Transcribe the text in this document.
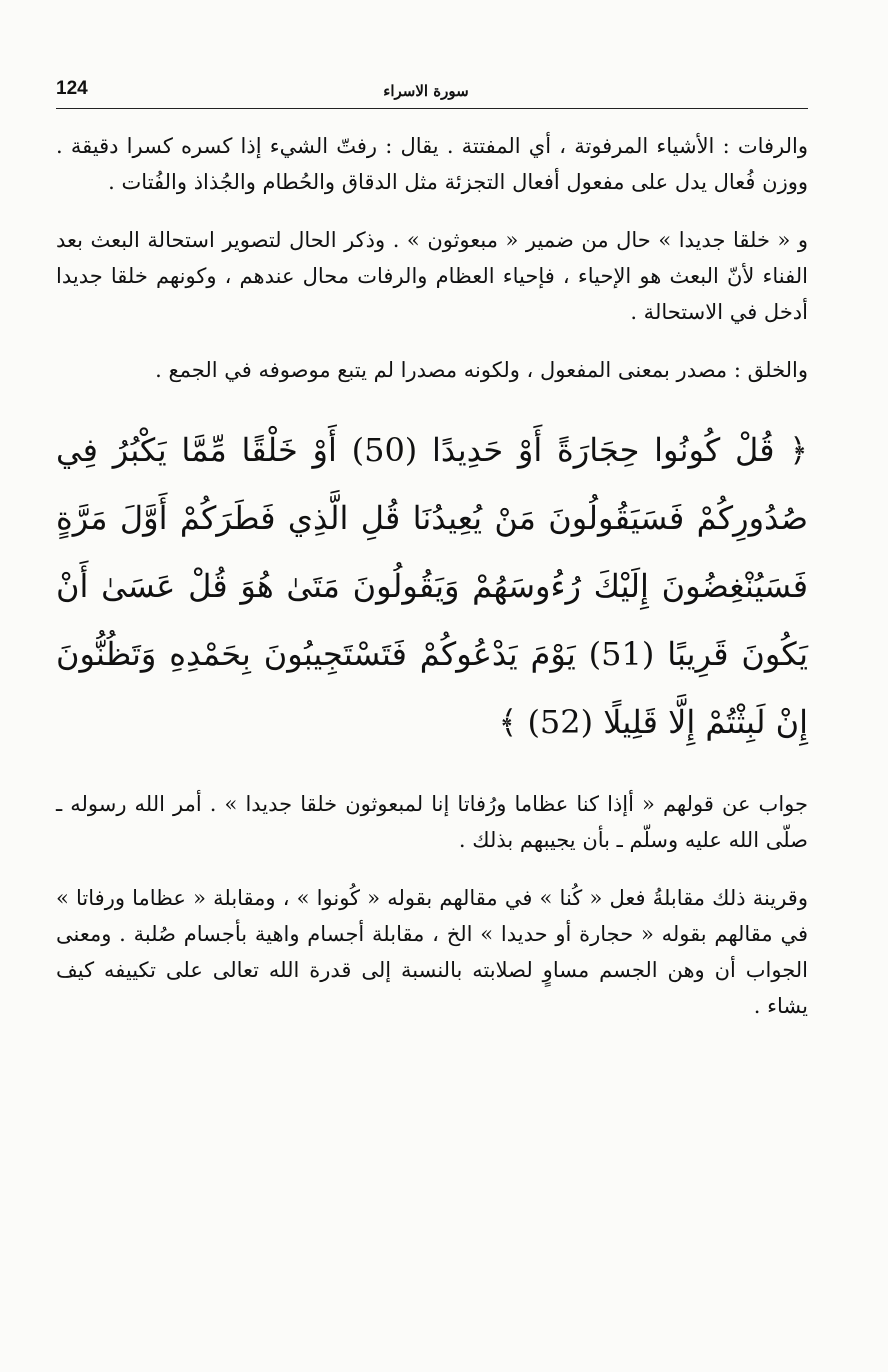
124	سورة الاسراء

والرفات : الأشياء المرفوتة ، أي المفتتة . يقال : رفتّ الشيء إذا كسره كسرا دقيقة . ووزن فُعال يدل على مفعول أفعال التجزئة مثل الدقاق والحُطام والجُذاذ والفُتات .

و « خلقا جديدا » حال من ضمير « مبعوثون » . وذكر الحال لتصوير استحالة البعث بعد الفناء لأنّ البعث هو الإحياء ، فإحياء العظام والرفات محال عندهم ، وكونهم خلقا جديدا أدخل في الاستحالة .

والخلق : مصدر بمعنى المفعول ، ولكونه مصدرا لم يتبع موصوفه في الجمع .

﴿ قُلْ كُونُوا حِجَارَةً أَوْ حَدِيدًا (50) أَوْ خَلْقًا مِّمَّا يَكْبُرُ فِي صُدُورِكُمْ فَسَيَقُولُونَ مَنْ يُعِيدُنَا قُلِ الَّذِي فَطَرَكُمْ أَوَّلَ مَرَّةٍ فَسَيُنْغِضُونَ إِلَيْكَ رُءُوسَهُمْ وَيَقُولُونَ مَتَىٰ هُوَ قُلْ عَسَىٰ أَنْ يَكُونَ قَرِيبًا (51) يَوْمَ يَدْعُوكُمْ فَتَسْتَجِيبُونَ بِحَمْدِهِ وَتَظُنُّونَ إِنْ لَبِثْتُمْ إِلَّا قَلِيلًا (52) ﴾

جواب عن قولهم « أإذا كنا عظاما ورُفاتا إنا لمبعوثون خلقا جديدا » . أمر الله رسوله ـ صلّى الله عليه وسلّم ـ بأن يجيبهم بذلك .

وقرينة ذلك مقابلةُ فعل « كُنا » في مقالهم بقوله « كُونوا » ، ومقابلة « عظاما ورفاتا » في مقالهم بقوله « حجارة أو حديدا » الخ ، مقابلة أجسام واهية بأجسام صُلبة . ومعنى الجواب أن وهن الجسم مساوٍ لصلابته بالنسبة إلى قدرة الله تعالى على تكييفه كيف يشاء .
